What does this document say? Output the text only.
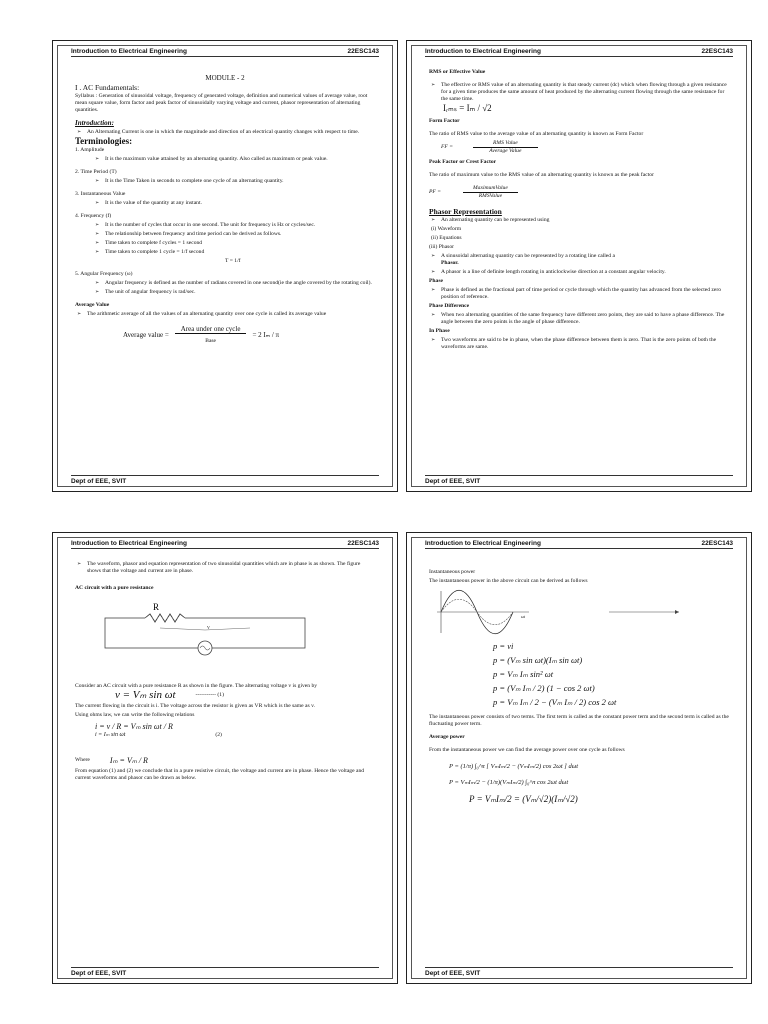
Introduction to Electrical Engineering	22ESC143

MODULE - 2

I . AC Fundamentals:

Syllabus : Generation of sinusoidal voltage, frequency of generated voltage, definition and numerical values of average value, root mean square value, form factor and peak factor of sinusoidally varying voltage and current, phasor representation of alternating quantities.

Introduction:

➢ An Alternating Current is one in which the magnitude and direction of an electrical quantity changes with respect to time.

Terminologies:

1. Amplitude

➢ It is the maximum value attained by an alternating quantity. Also called as maximum or peak value.

2. Time Period (T)

➢ It is the Time Taken in seconds to complete one cycle of an alternating quantity.

3. Instantaneous Value

➢ It is the value of the quantity at any instant.

4. Frequency (f)

➢ It is the number of cycles that occur in one second. The unit for frequency is Hz or cycles/sec.

➢ The relationship between frequency and time period can be derived as follows.

➢ Time taken to complete f cycles = 1 second

➢ Time taken to complete 1 cycle = 1/f second

T = 1/f

5. Angular Frequency (ω)

➢ Angular frequency is defined as the number of radians covered in one second(ie the angle covered by the rotating coil).

➢ The unit of angular frequency is rad/sec.

Average Value

➢ The arithmetic average of all the values of an alternating quantity over one cycle is called its average value

Average value = $\frac{\text{Area under one cycle}}{\text{Base}} = 2$ Iₘ / π
Dept of EEE, SVIT
Introduction to Electrical Engineering	22ESC143

RMS or Effective Value

➢ The effective or RMS value of an alternating quantity is that steady current (dc) which when flowing through a given resistance for a given time produces the same amount of heat produced by the alternating current flowing through the same resistance for the same time.

Iᵣₘₛ = Iₘ / √2

Form Factor

The ratio of RMS value to the average value of an alternating quantity is known as Form Factor

FF =	$\frac{\text{RMS Value}}{\text{Average Value}}$

Peak Factor or Crest Factor

The ratio of maximum value to the RMS value of an alternating quantity is known as the peak factor

PF =	$\frac{\text{MaximumValue}}{\text{RMSValue}}$

Phasor Representation

➢ An alternating quantity can be represented using

(i) Waveform

(ii) Equations

(iii) Phasor

➢ A sinusoidal alternating quantity can be represented by a rotating line called a
Phasor.

➢ A phasor is a line of definite length rotating in anticlockwise direction at a constant angular velocity.

Phase

➢ Phase is defined as the fractional part of time period or cycle through which the quantity has advanced from the selected zero position of reference.

Phase Difference

➢ When two alternating quantities of the same frequency have different zero points, they are said to have a phase difference. The angle between the zero points is the angle of phase difference.

In Phase

➢ Two waveforms are said to be in phase, when the phase difference between them is zero. That is the zero points of both the waveforms are same.

Dept of EEE, SVIT
Introduction to Electrical Engineering	22ESC143

➢ The waveform, phasor and equation representation of two sinusoidal quantities which are in phase is as shown. The figure shows that the voltage and current are in phase.

AC circuit with a pure resistance

R
V

Consider an AC circuit with a pure resistance R as shown in the figure. The alternating voltage v is given by

v = Vₘ sin ωt	----------- (1)

The current flowing in the circuit is i. The voltage across the resistor is given as VR which is the same as v.

Using ohms law, we can write the following relations

i = v / R = Vₘ sin ωt / R

i = Iₘ sin ωt	(2)
Where	Iₘ = Vₘ / R

From equation (1) and (2) we conclude that in a pure resistive circuit, the voltage and current are in phase. Hence the voltage and current waveforms and phasor can be drawn as below.

Dept of EEE, SVIT
Introduction to Electrical Engineering	22ESC143

Instantaneous power

The instantaneous power in the above circuit can be derived as follows

ωt

p = vi

p = (Vₘ sin ωt)(Iₘ sin ωt)

p = Vₘ Iₘ sin² ωt

p = (Vₘ Iₘ / 2) (1 − cos 2 ωt)

p = Vₘ Iₘ / 2 − (Vₘ Iₘ / 2) cos 2 ωt

The instantaneous power consists of two terms. The first term is called as the constant power term and the second term is called as the fluctuating power term.

Average power

From the instantaneous power we can find the average power over one cycle as follows

P = (1/π) ∫₀^π [ VₘIₘ/2 − (VₘIₘ/2) cos 2ωt ] dωt

P = VₘIₘ/2 − (1/π)(VₘIₘ/2) ∫₀^π cos 2ωt dωt

P = VₘIₘ/2 = (Vₘ/√2)(Iₘ/√2)

Dept of EEE, SVIT
